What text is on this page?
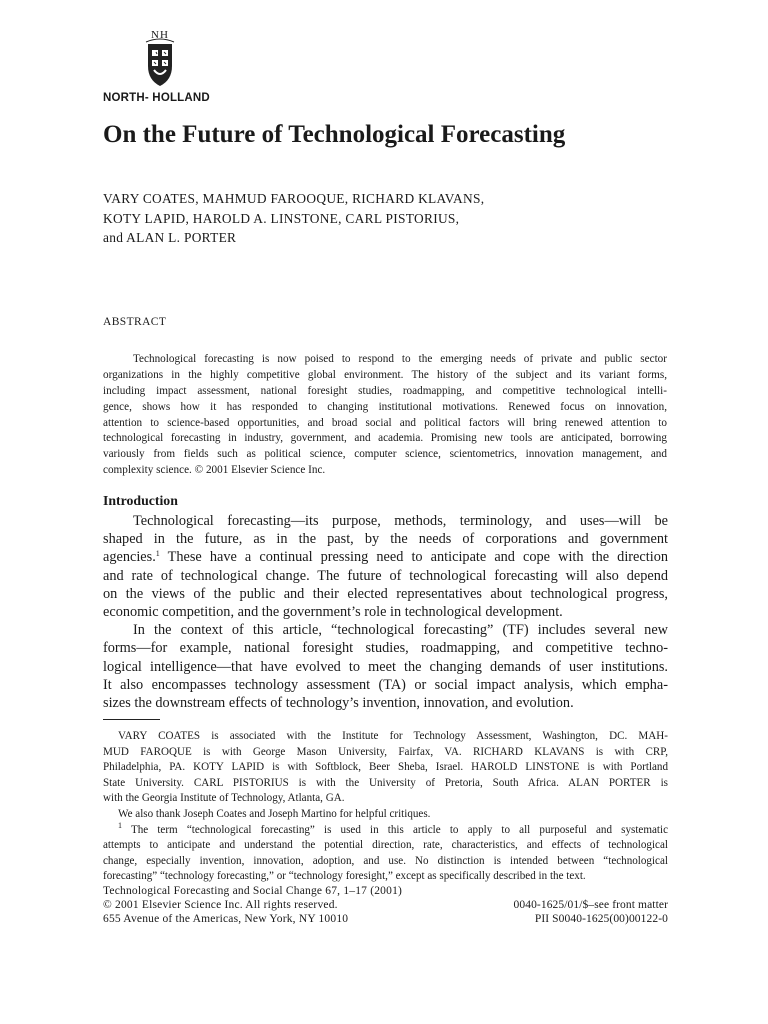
NH
NORTH- HOLLAND
On the Future of Technological Forecasting
VARY COATES, MAHMUD FAROOQUE, RICHARD KLAVANS,
KOTY LAPID, HAROLD A. LINSTONE, CARL PISTORIUS,
and ALAN L. PORTER
ABSTRACT
Technological forecasting is now poised to respond to the emerging needs of private and public sector
organizations in the highly competitive global environment. The history of the subject and its variant forms,
including impact assessment, national foresight studies, roadmapping, and competitive technological intelli-
gence, shows how it has responded to changing institutional motivations. Renewed focus on innovation,
attention to science-based opportunities, and broad social and political factors will bring renewed attention to
technological forecasting in industry, government, and academia. Promising new tools are anticipated, borrowing
variously from fields such as political science, computer science, scientometrics, innovation management, and
complexity science. © 2001 Elsevier Science Inc.
Introduction
Technological forecasting—its purpose, methods, terminology, and uses—will be
shaped in the future, as in the past, by the needs of corporations and government
agencies.$^1$ These have a continual pressing need to anticipate and cope with the direction
and rate of technological change. The future of technological forecasting will also depend
on the views of the public and their elected representatives about technological progress,
economic competition, and the government’s role in technological development.
In the context of this article, “technological forecasting” (TF) includes several new
forms—for example, national foresight studies, roadmapping, and competitive techno-
logical intelligence—that have evolved to meet the changing demands of user institutions.
It also encompasses technology assessment (TA) or social impact analysis, which empha-
sizes the downstream effects of technology’s invention, innovation, and evolution.
VARY COATES is associated with the Institute for Technology Assessment, Washington, DC. MAH-
MUD FAROQUE is with George Mason University, Fairfax, VA. RICHARD KLAVANS is with CRP,
Philadelphia, PA. KOTY LAPID is with Softblock, Beer Sheba, Israel. HAROLD LINSTONE is with Portland
State University. CARL PISTORIUS is with the University of Pretoria, South Africa. ALAN PORTER is
with the Georgia Institute of Technology, Atlanta, GA.
We also thank Joseph Coates and Joseph Martino for helpful critiques.
$^1$ The term “technological forecasting” is used in this article to apply to all purposeful and systematic
attempts to anticipate and understand the potential direction, rate, characteristics, and effects of technological
change, especially invention, innovation, adoption, and use. No distinction is intended between “technological
forecasting” “technology forecasting,” or “technology foresight,” except as specifically described in the text.
Technological Forecasting and Social Change 67, 1–17 (2001)
© 2001 Elsevier Science Inc. All rights reserved.
655 Avenue of the Americas, New York, NY 10010
0040-1625/01/$–see front matter
PII S0040-1625(00)00122-0
